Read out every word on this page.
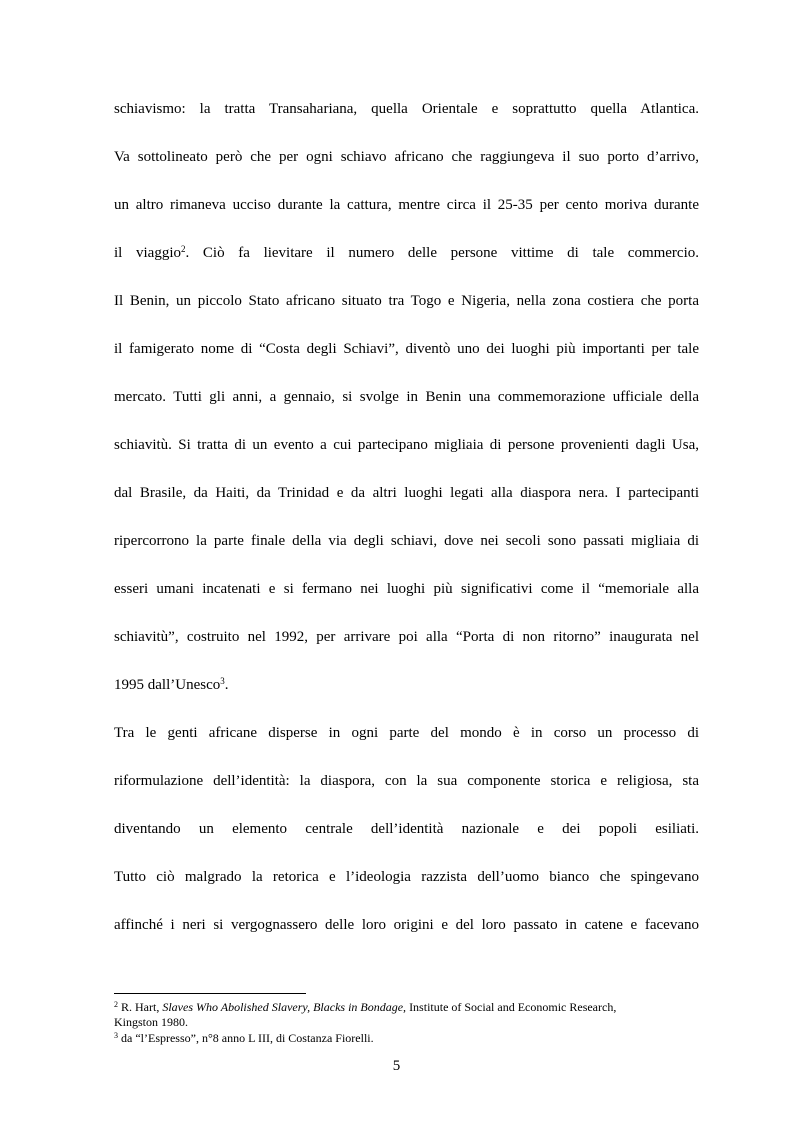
schiavismo: la tratta Transahariana, quella Orientale e soprattutto quella Atlantica.
Va sottolineato però che per ogni schiavo africano che raggiungeva il suo porto d’arrivo,
un altro rimaneva ucciso durante la cattura, mentre circa il 25-35 per cento moriva durante
il viaggio$^2$. Ciò fa lievitare il numero delle persone vittime di tale commercio.
Il Benin, un piccolo Stato africano situato tra Togo e Nigeria, nella zona costiera che porta
il famigerato nome di “Costa degli Schiavi”, diventò uno dei luoghi più importanti per tale
mercato. Tutti gli anni, a gennaio, si svolge in Benin una commemorazione ufficiale della
schiavitù. Si tratta di un evento a cui partecipano migliaia di persone provenienti dagli Usa,
dal Brasile, da Haiti, da Trinidad e da altri luoghi legati alla diaspora nera. I partecipanti
ripercorrono la parte finale della via degli schiavi, dove nei secoli sono passati migliaia di
esseri umani incatenati e si fermano nei luoghi più significativi come il “memoriale alla
schiavitù”, costruito nel 1992, per arrivare poi alla “Porta di non ritorno” inaugurata nel
1995 dall’Unesco$^3$.
Tra le genti africane disperse in ogni parte del mondo è in corso un processo di
riformulazione dell’identità: la diaspora, con la sua componente storica e religiosa, sta
diventando un elemento centrale dell’identità nazionale e dei popoli esiliati.
Tutto ciò malgrado la retorica e l’ideologia razzista dell’uomo bianco che spingevano
affinché i neri si vergognassero delle loro origini e del loro passato in catene e facevano
$^2$ R. Hart, Slaves Who Abolished Slavery, Blacks in Bondage, Institute of Social and Economic Research,
Kingston 1980.
$^3$ da “l’Espresso”, n°8 anno L III, di Costanza Fiorelli.
5
